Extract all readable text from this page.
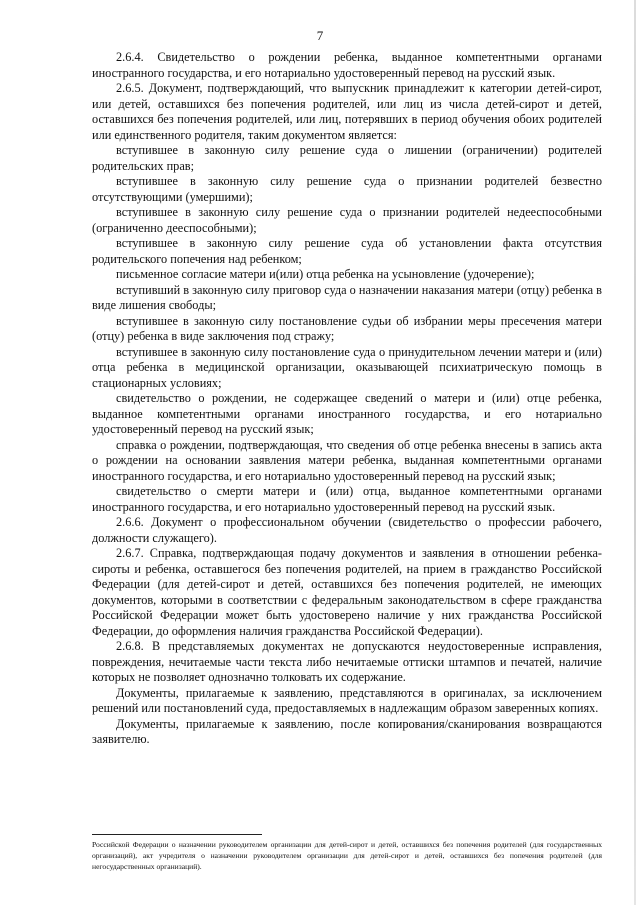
7

2.6.4. Свидетельство о рождении ребенка, выданное компетентными органами иностранного государства, и его нотариально удостоверенный перевод на русский язык.

2.6.5. Документ, подтверждающий, что выпускник принадлежит к категории детей-сирот, или детей, оставшихся без попечения родителей, или лиц из числа детей-сирот и детей, оставшихся без попечения родителей, или лиц, потерявших в период обучения обоих родителей или единственного родителя, таким документом является:

вступившее в законную силу решение суда о лишении (ограничении) родителей родительских прав;

вступившее в законную силу решение суда о признании родителей безвестно отсутствующими (умершими);

вступившее в законную силу решение суда о признании родителей недееспособными (ограниченно дееспособными);

вступившее в законную силу решение суда об установлении факта отсутствия родительского попечения над ребенком;

письменное согласие матери и(или) отца ребенка на усыновление (удочерение);

вступивший в законную силу приговор суда о назначении наказания матери (отцу) ребенка в виде лишения свободы;

вступившее в законную силу постановление судьи об избрании меры пресечения матери (отцу) ребенка в виде заключения под стражу;

вступившее в законную силу постановление суда о принудительном лечении матери и (или) отца ребенка в медицинской организации, оказывающей психиатрическую помощь в стационарных условиях;

свидетельство о рождении, не содержащее сведений о матери и (или) отце ребенка, выданное компетентными органами иностранного государства, и его нотариально удостоверенный перевод на русский язык;

справка о рождении, подтверждающая, что сведения об отце ребенка внесены в запись акта о рождении на основании заявления матери ребенка, выданная компетентными органами иностранного государства, и его нотариально удостоверенный перевод на русский язык;

свидетельство о смерти матери и (или) отца, выданное компетентными органами иностранного государства, и его нотариально удостоверенный перевод на русский язык.

2.6.6. Документ о профессиональном обучении (свидетельство о профессии рабочего, должности служащего).

2.6.7. Справка, подтверждающая подачу документов и заявления в отношении ребенка-сироты и ребенка, оставшегося без попечения родителей, на прием в гражданство Российской Федерации (для детей-сирот и детей, оставшихся без попечения родителей, не имеющих документов, которыми в соответствии с федеральным законодательством в сфере гражданства Российской Федерации может быть удостоверено наличие у них гражданства Российской Федерации, до оформления наличия гражданства Российской Федерации).

2.6.8. В представляемых документах не допускаются неудостоверенные исправления, повреждения, нечитаемые части текста либо нечитаемые оттиски штампов и печатей, наличие которых не позволяет однозначно толковать их содержание.

Документы, прилагаемые к заявлению, представляются в оригиналах, за исключением решений или постановлений суда, предоставляемых в надлежащим образом заверенных копиях.

Документы, прилагаемые к заявлению, после копирования/сканирования возвращаются заявителю.

Российской Федерации о назначении руководителем организации для детей-сирот и детей, оставшихся без попечения родителей (для государственных организаций), акт учредителя о назначении руководителем организации для детей-сирот и детей, оставшихся без попечения родителей (для негосударственных организаций).
